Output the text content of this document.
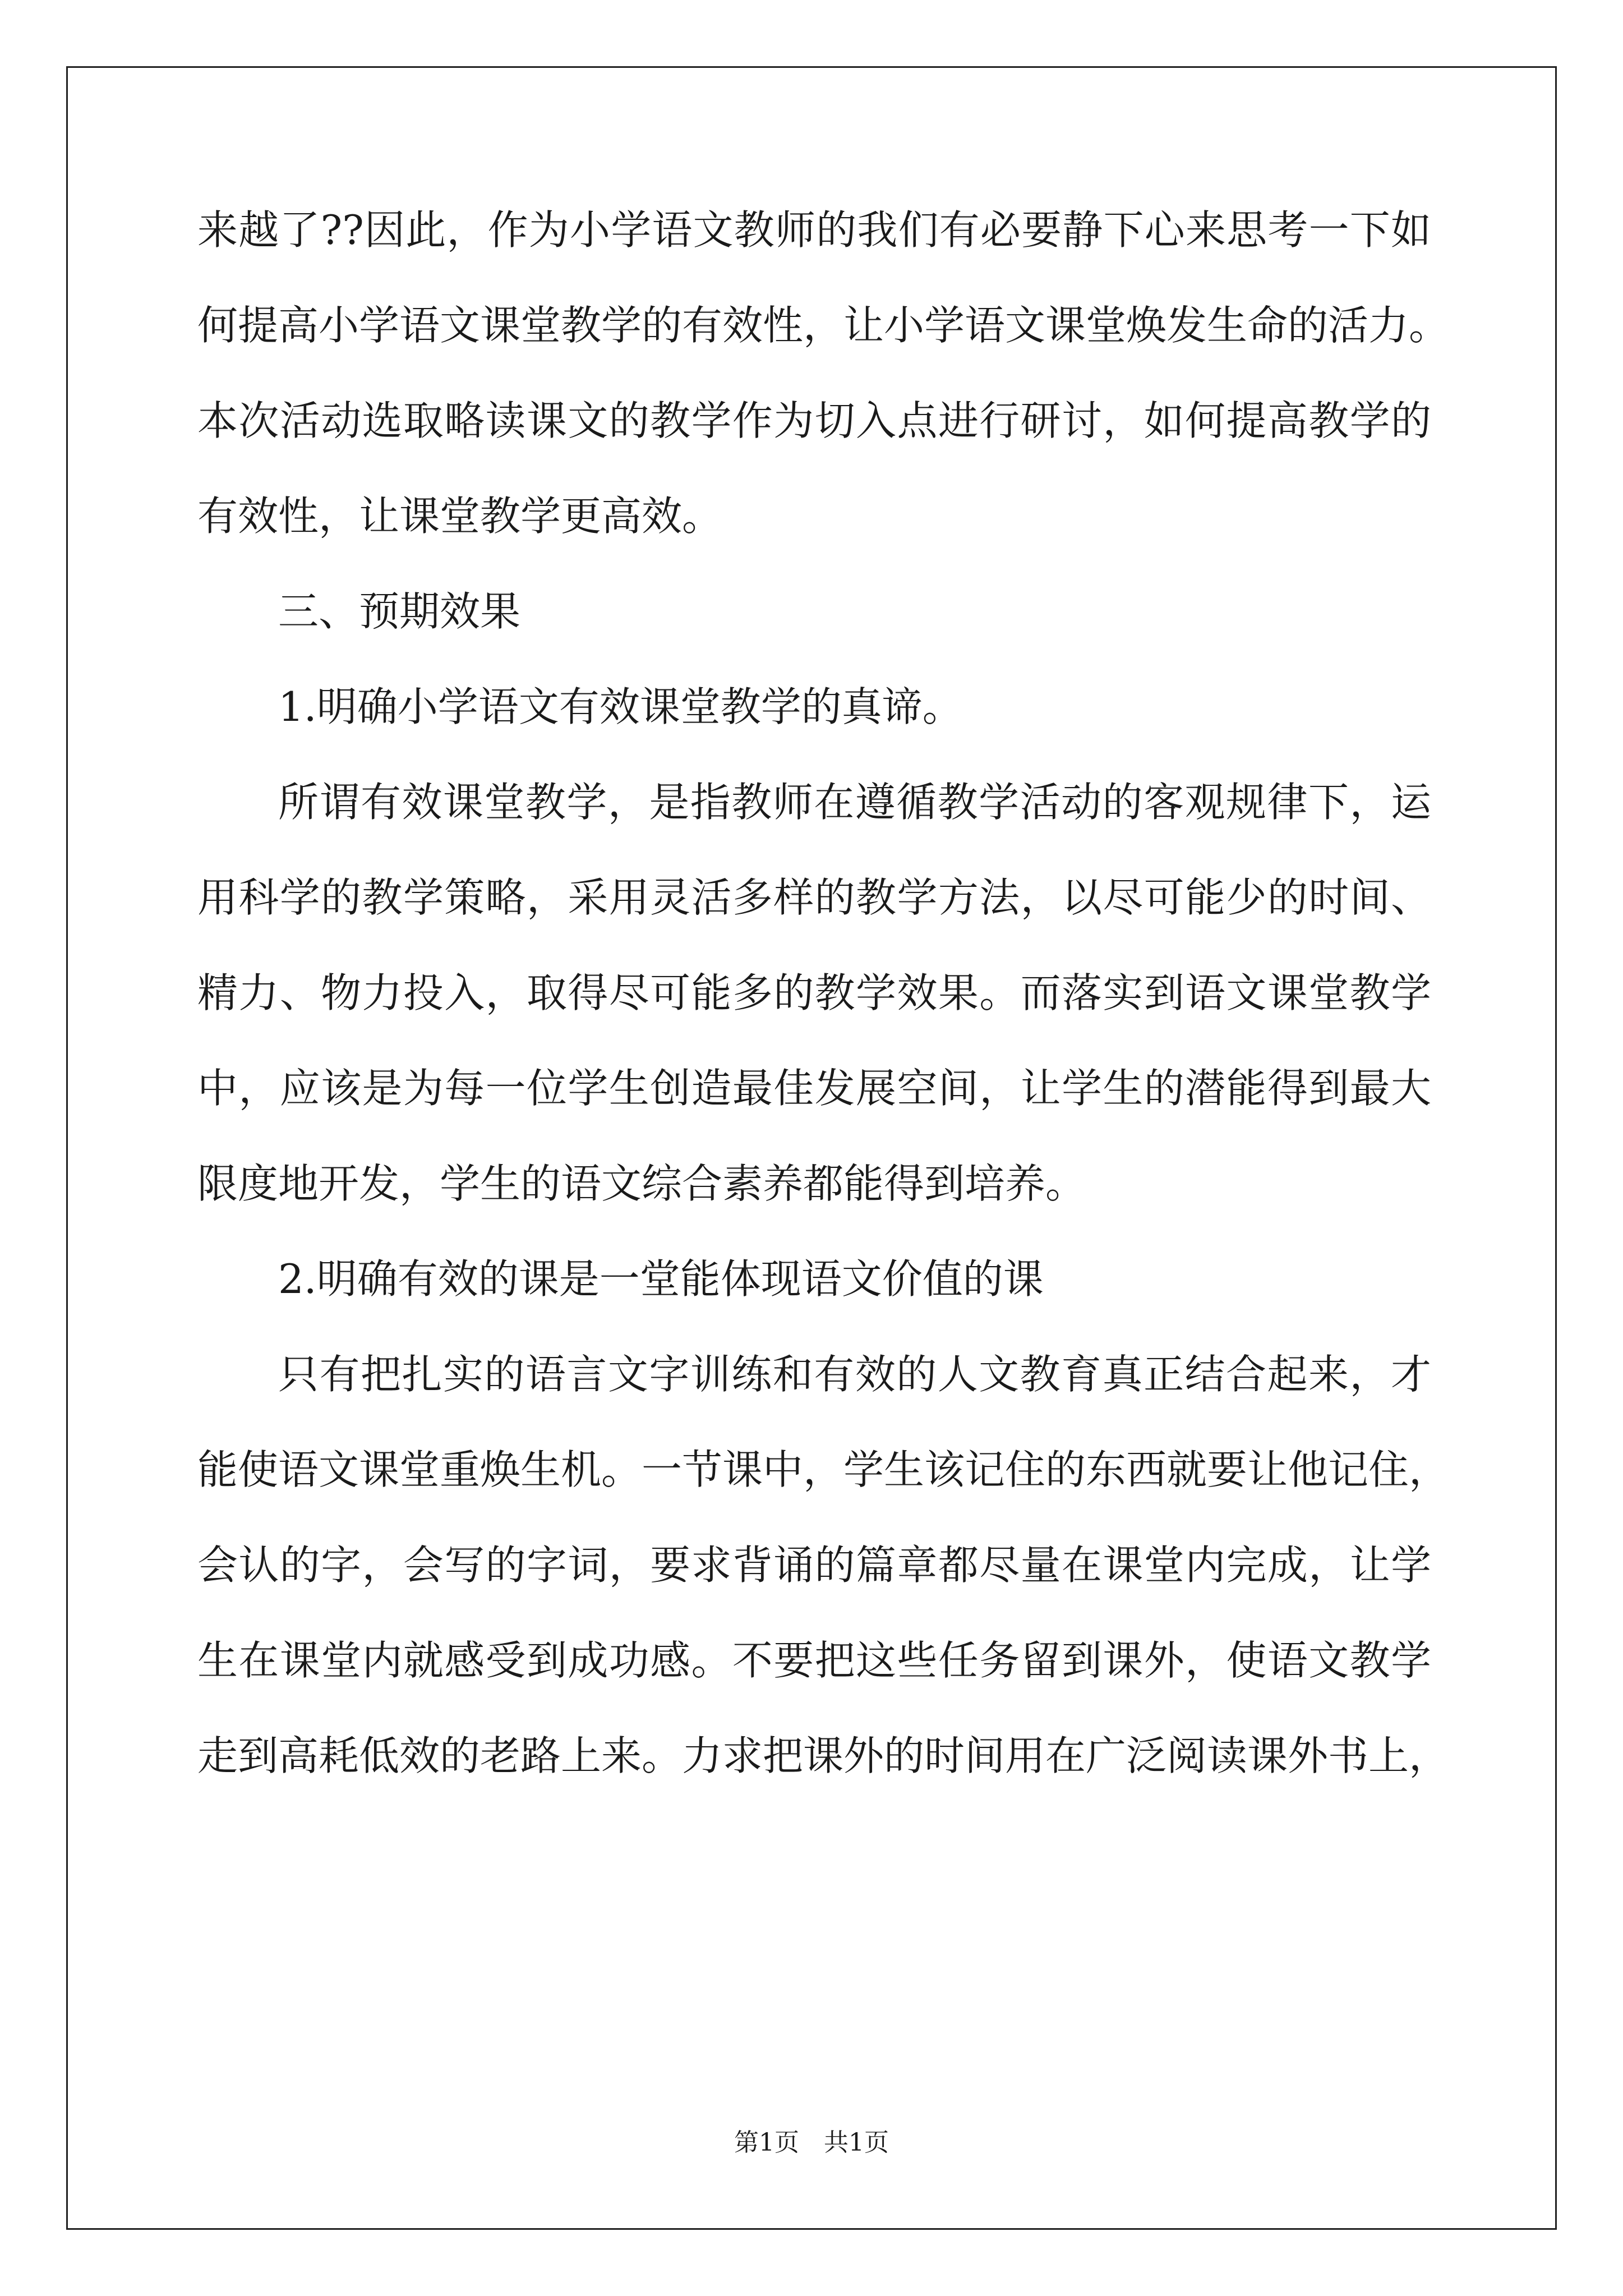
来越了??因此，作为小学语文教师的我们有必要静下心来思考一下如
何提高小学语文课堂教学的有效性，让小学语文课堂焕发生命的活力。
本次活动选取略读课文的教学作为切入点进行研讨，如何提高教学的
有效性，让课堂教学更高效。
三、预期效果
1.明确小学语文有效课堂教学的真谛。
所谓有效课堂教学，是指教师在遵循教学活动的客观规律下，运
用科学的教学策略，采用灵活多样的教学方法，以尽可能少的时间、
精力、物力投入，取得尽可能多的教学效果。而落实到语文课堂教学
中，应该是为每一位学生创造最佳发展空间，让学生的潜能得到最大
限度地开发，学生的语文综合素养都能得到培养。
2.明确有效的课是一堂能体现语文价值的课
只有把扎实的语言文字训练和有效的人文教育真正结合起来，才
能使语文课堂重焕生机。一节课中，学生该记住的东西就要让他记住，
会认的字，会写的字词，要求背诵的篇章都尽量在课堂内完成，让学
生在课堂内就感受到成功感。不要把这些任务留到课外，使语文教学
走到高耗低效的老路上来。力求把课外的时间用在广泛阅读课外书上，
第1页　共1页
